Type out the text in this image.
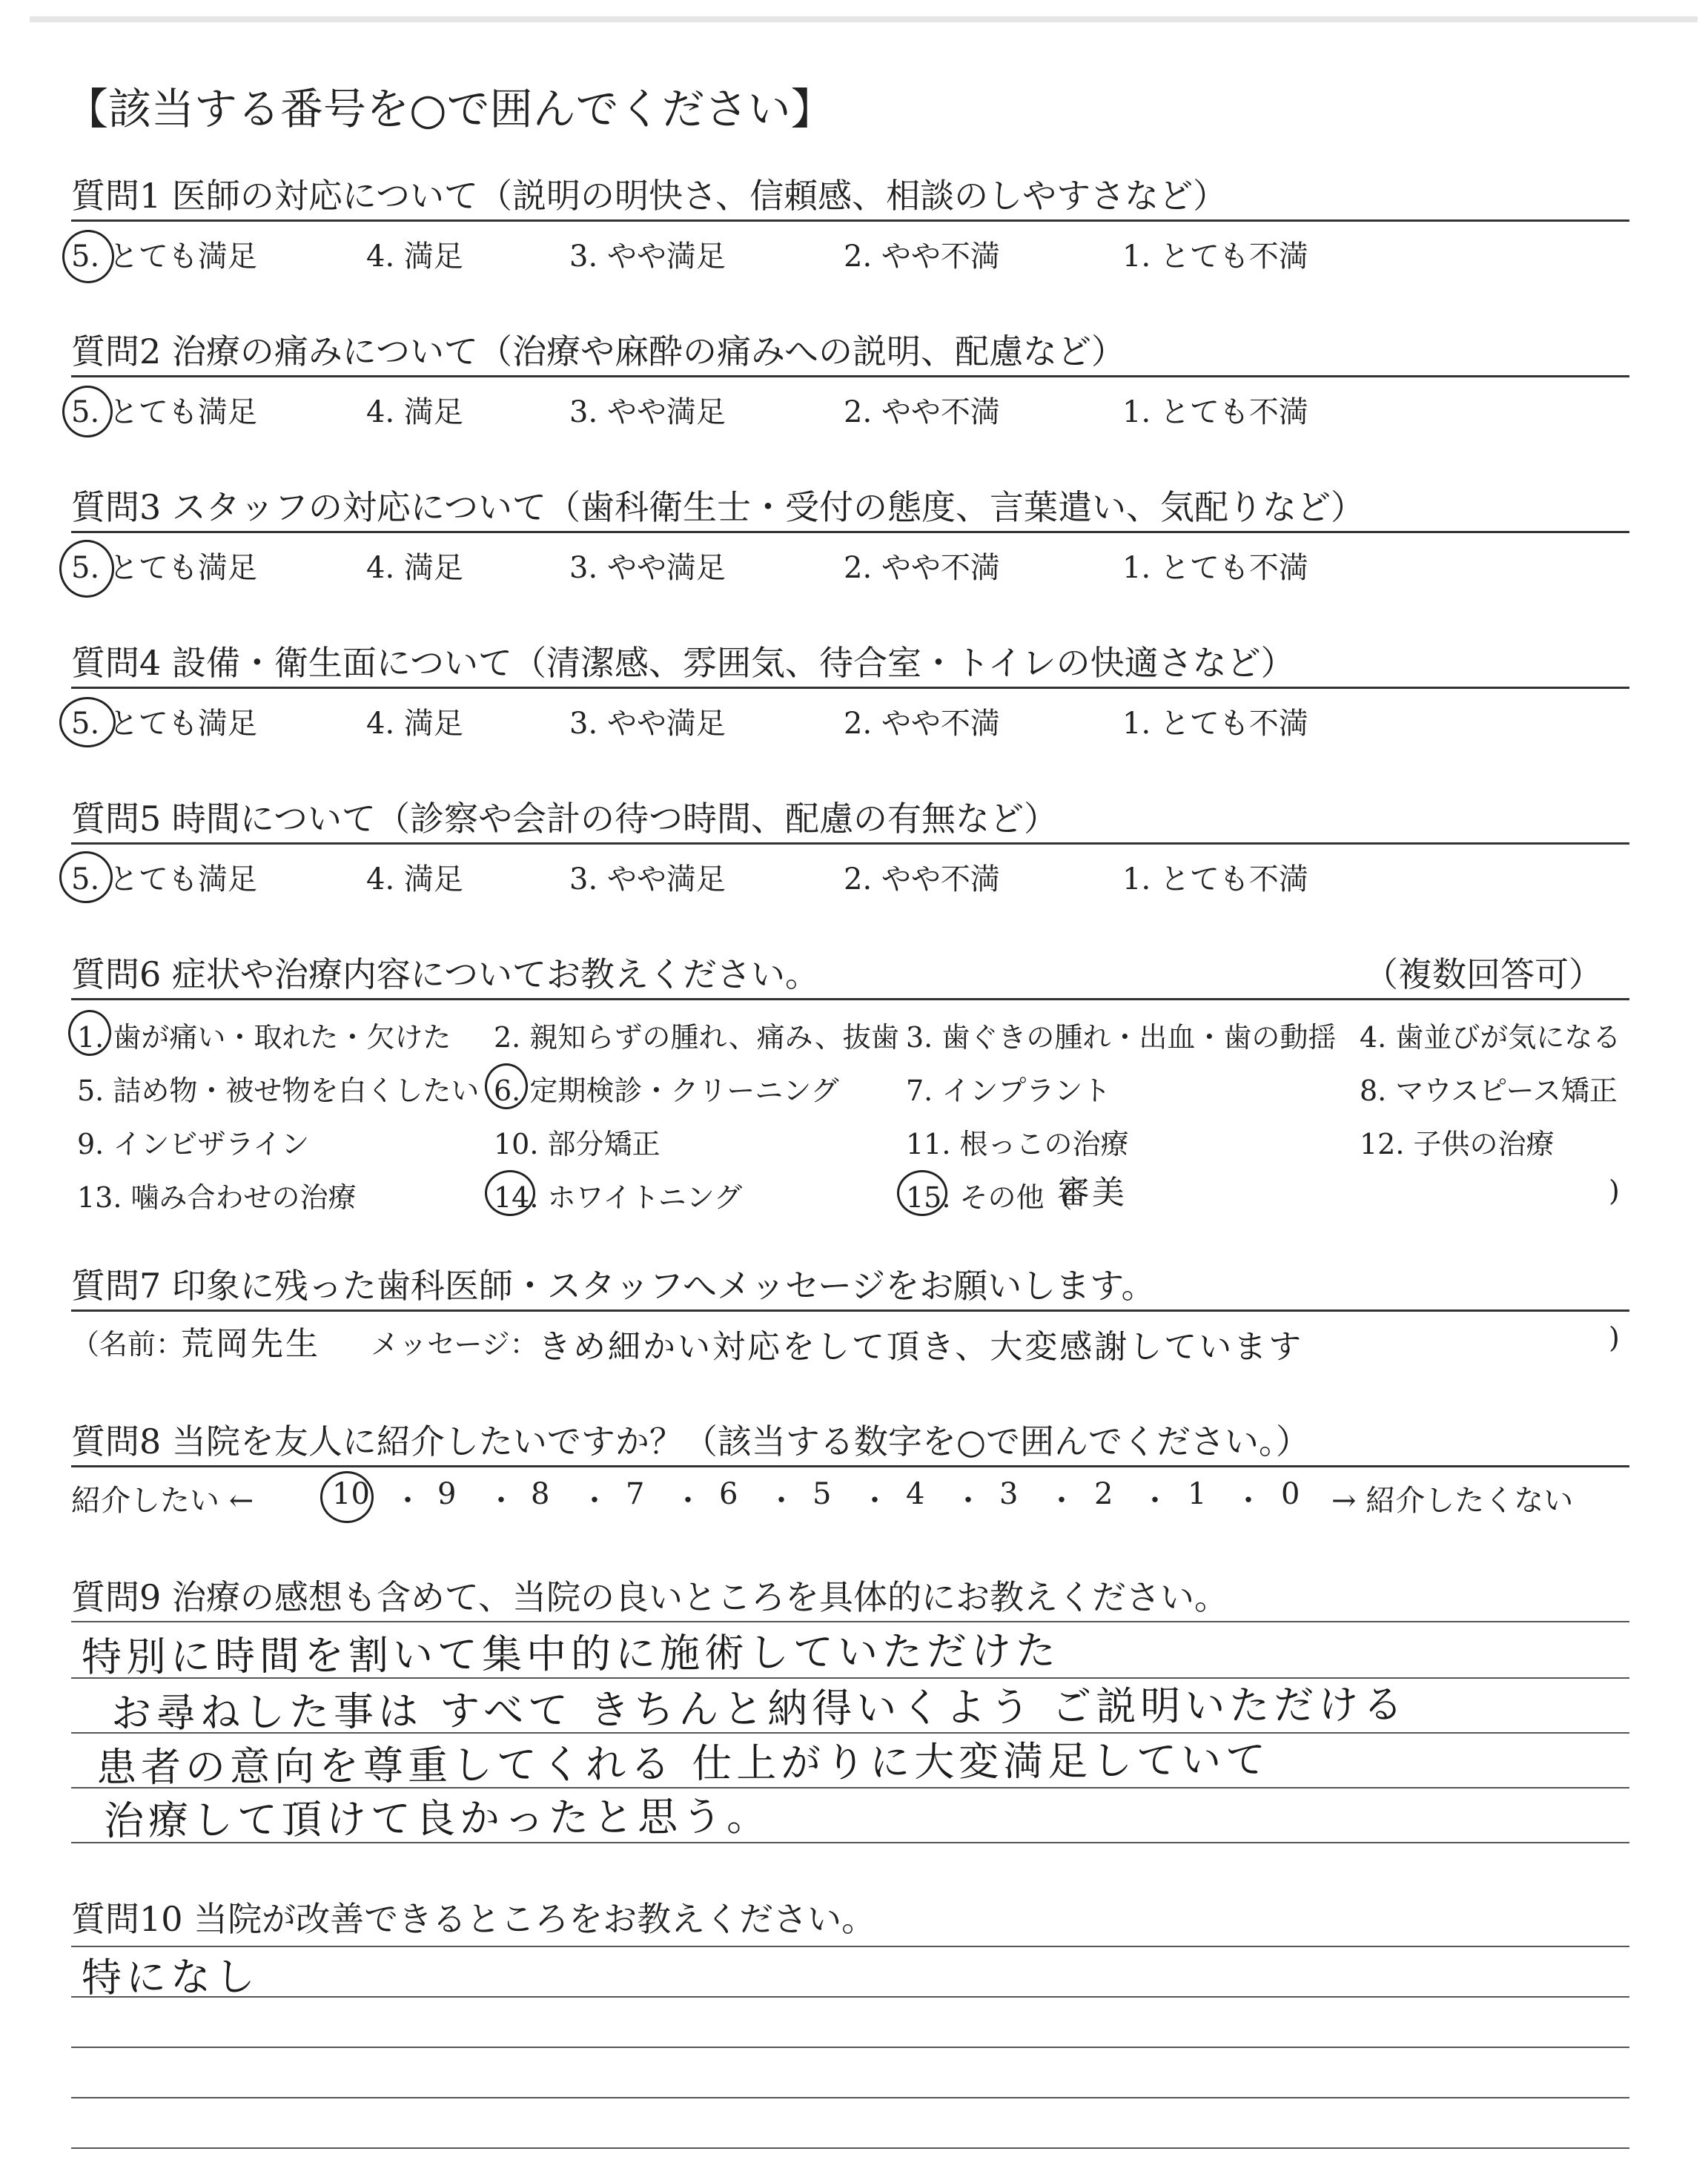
【該当する番号を○で囲んでください】
質問1 医師の対応について（説明の明快さ、信頼感、相談のしやすさなど）
5. とても満足	4. 満足	3. やや満足	2. やや不満	1. とても不満
質問2 治療の痛みについて（治療や麻酔の痛みへの説明、配慮など）
5. とても満足	4. 満足	3. やや満足	2. やや不満	1. とても不満
質問3 スタッフの対応について（歯科衛生士・受付の態度、言葉遣い、気配りなど）
5. とても満足	4. 満足	3. やや満足	2. やや不満	1. とても不満
質問4 設備・衛生面について（清潔感、雰囲気、待合室・トイレの快適さなど）
5. とても満足	4. 満足	3. やや満足	2. やや不満	1. とても不満
質問5 時間について（診察や会計の待つ時間、配慮の有無など）
5. とても満足	4. 満足	3. やや満足	2. やや不満	1. とても不満
質問6 症状や治療内容についてお教えください。	（複数回答可）
1. 歯が痛い・取れた・欠けた 2. 親知らずの腫れ、痛み、抜歯 3. 歯ぐきの腫れ・出血・歯の動揺 4. 歯並びが気になる
5. 詰め物・被せ物を白くしたい 6. 定期検診・クリーニング 7. インプラント	8. マウスピース矯正
9. インビザライン	10. 部分矯正	11. 根っこの治療	12. 子供の治療
13. 噛み合わせの治療	14. ホワイトニング	15. その他（
審美	)
質問7 印象に残った歯科医師・スタッフへメッセージをお願いします。
（名前：
荒岡先生 メッセージ： きめ細かい対応をして頂き、大変感謝しています	)
質問8 当院を友人に紹介したいですか？（該当する数字を○で囲んでください。）
紹介したい ←	10 ・ 9 ・ 8 ・ 7 ・ 6 ・ 5 ・ 4 ・ 3 ・ 2 ・ 1 ・ 0 → 紹介したくない
質問9 治療の感想も含めて、当院の良いところを具体的にお教えください。
特別に時間を割いて集中的に施術していただけた
お尋ねした事は すべて きちんと納得いくよう ご説明いただける
患者の意向を尊重してくれる 仕上がりに大変満足していて
治療して頂けて良かったと思う。
質問10 当院が改善できるところをお教えください。
特になし
